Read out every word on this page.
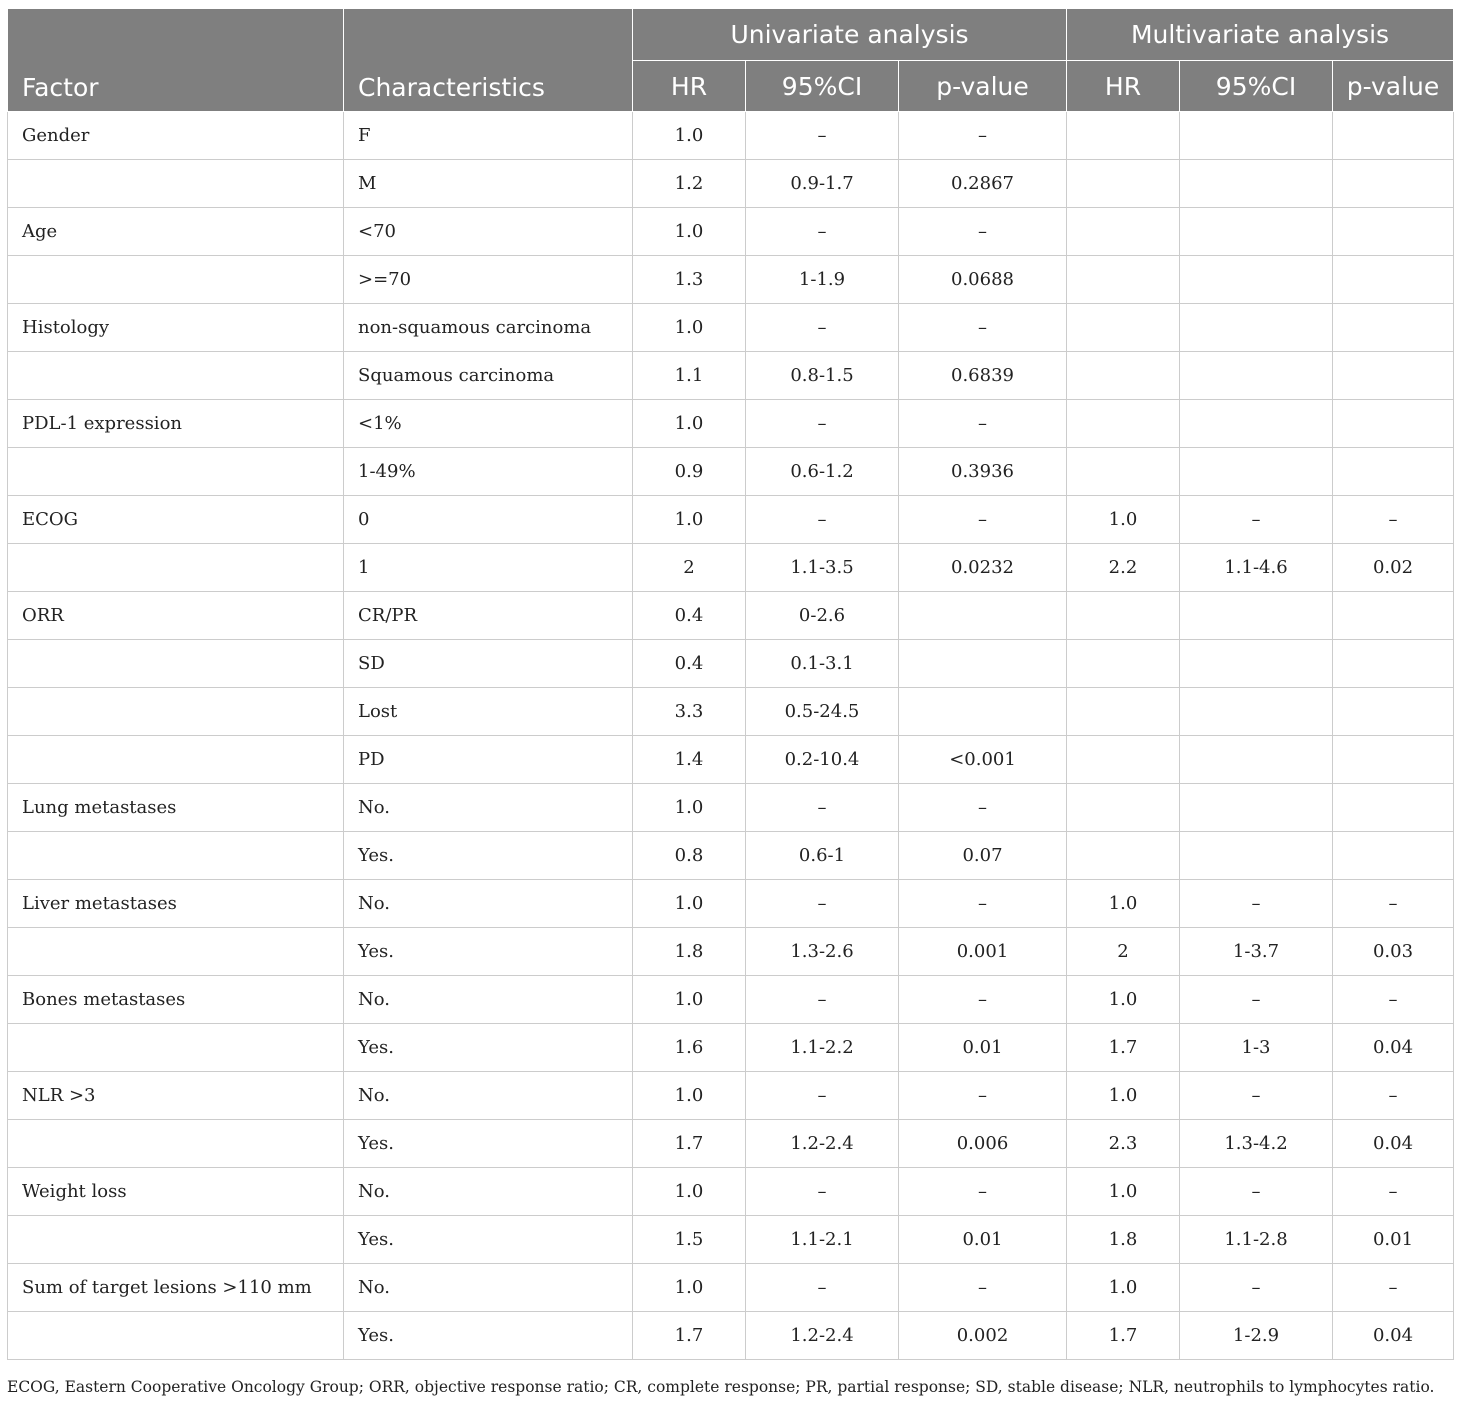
Factor	Characteristics	Univariate analysis			Multivariate analysis		
		HR	95%CI	p-value	HR	95%CI	p-value
Gender	F	1.0	–	–			
	M	1.2	0.9-1.7	0.2867			
Age	<70	1.0	–	–			
	>=70	1.3	1-1.9	0.0688			
Histology	non-squamous carcinoma	1.0	–	–			
	Squamous carcinoma	1.1	0.8-1.5	0.6839			
PDL-1 expression	<1%	1.0	–	–			
	1-49%	0.9	0.6-1.2	0.3936			
ECOG	0	1.0	–	–	1.0	–	–
	1	2	1.1-3.5	0.0232	2.2	1.1-4.6	0.02
ORR	CR/PR	0.4	0-2.6				
	SD	0.4	0.1-3.1				
	Lost	3.3	0.5-24.5				
	PD	1.4	0.2-10.4	<0.001			
Lung metastases	No.	1.0	–	–			
	Yes.	0.8	0.6-1	0.07			
Liver metastases	No.	1.0	–	–	1.0	–	–
	Yes.	1.8	1.3-2.6	0.001	2	1-3.7	0.03
Bones metastases	No.	1.0	–	–	1.0	–	–
	Yes.	1.6	1.1-2.2	0.01	1.7	1-3	0.04
NLR >3	No.	1.0	–	–	1.0	–	–
	Yes.	1.7	1.2-2.4	0.006	2.3	1.3-4.2	0.04
Weight loss	No.	1.0	–	–	1.0	–	–
	Yes.	1.5	1.1-2.1	0.01	1.8	1.1-2.8	0.01
Sum of target lesions >110 mm	No.	1.0	–	–	1.0	–	–
	Yes.	1.7	1.2-2.4	0.002	1.7	1-2.9	0.04
ECOG, Eastern Cooperative Oncology Group; ORR, objective response ratio; CR, complete response; PR, partial response; SD, stable disease; NLR, neutrophils to lymphocytes ratio.
